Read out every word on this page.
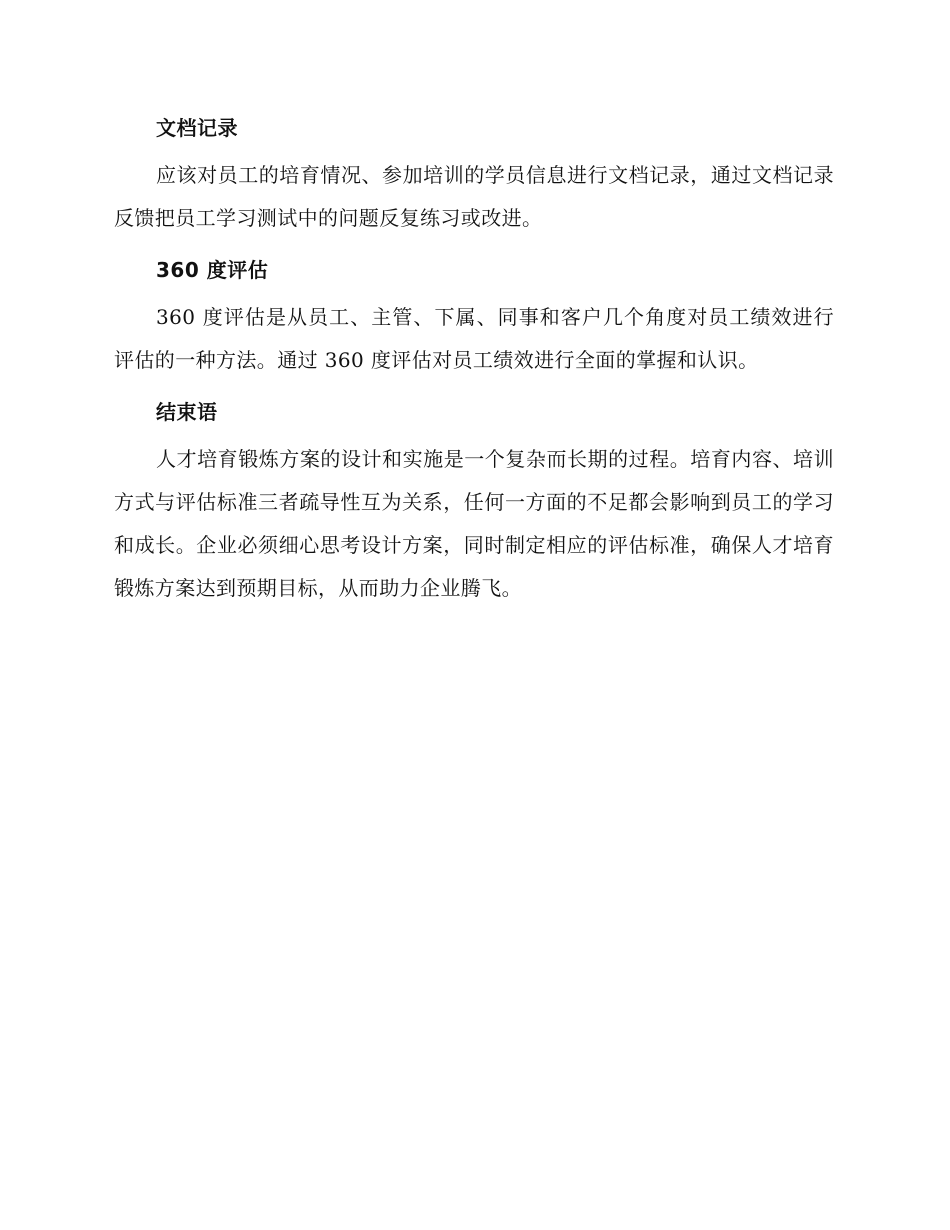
文档记录

应该对员工的培育情况、参加培训的学员信息进行文档记录，通过文档记录反馈把员工学习测试中的问题反复练习或改进。

360 度评估

360 度评估是从员工、主管、下属、同事和客户几个角度对员工绩效进行评估的一种方法。通过 360 度评估对员工绩效进行全面的掌握和认识。

结束语

人才培育锻炼方案的设计和实施是一个复杂而长期的过程。培育内容、培训方式与评估标准三者疏导性互为关系，任何一方面的不足都会影响到员工的学习和成长。企业必须细心思考设计方案，同时制定相应的评估标准，确保人才培育锻炼方案达到预期目标，从而助力企业腾飞。
